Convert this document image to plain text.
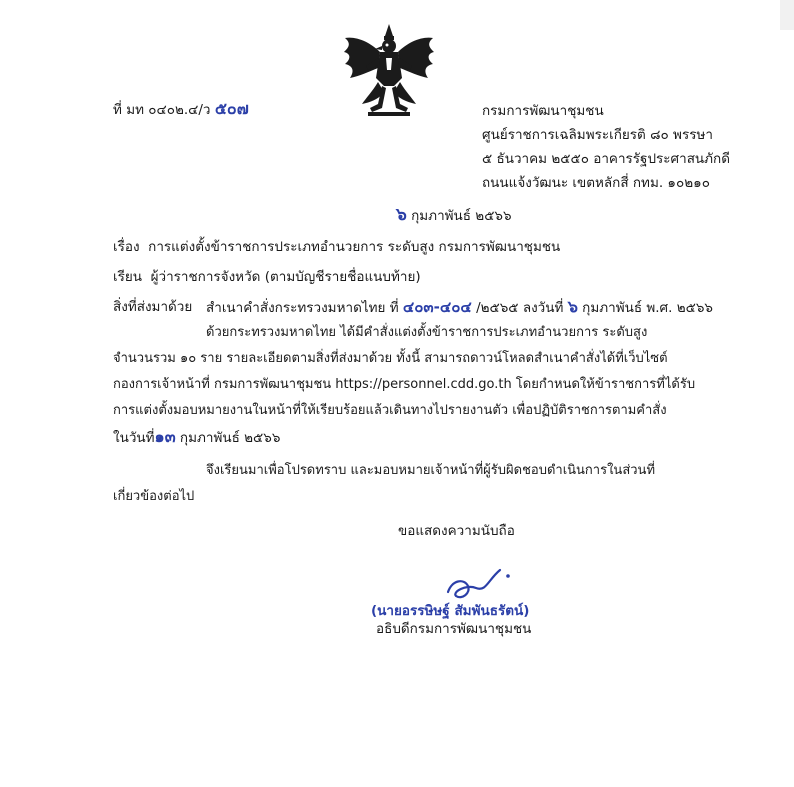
ที่ มท ๐๔๐๒.๔/ว ๕๐๗	กรมการพัฒนาชุมชน
ศูนย์ราชการเฉลิมพระเกียรติ ๘๐ พรรษา
๕ ธันวาคม ๒๕๕๐ อาคารรัฐประศาสนภักดี
ถนนแจ้งวัฒนะ เขตหลักสี่ กทม. ๑๐๒๑๐
๖ กุมภาพันธ์ ๒๕๖๖
เรื่อง การแต่งตั้งข้าราชการประเภทอำนวยการ ระดับสูง กรมการพัฒนาชุมชน
เรียน ผู้ว่าราชการจังหวัด (ตามบัญชีรายชื่อแนบท้าย)
สิ่งที่ส่งมาด้วย สำเนาคำสั่งกระทรวงมหาดไทย ที่ ๔๐๓-๔๐๔ /๒๕๖๕ ลงวันที่ ๖ กุมภาพันธ์ พ.ศ. ๒๕๖๖
ด้วยกระทรวงมหาดไทย ได้มีคำสั่งแต่งตั้งข้าราชการประเภทอำนวยการ ระดับสูง
จำนวนรวม ๑๐ ราย รายละเอียดตามสิ่งที่ส่งมาด้วย ทั้งนี้ สามารถดาวน์โหลดสำเนาคำสั่งได้ที่เว็บไซต์
กองการเจ้าหน้าที่ กรมการพัฒนาชุมชน https://personnel.cdd.go.th โดยกำหนดให้ข้าราชการที่ได้รับ
การแต่งตั้งมอบหมายงานในหน้าที่ให้เรียบร้อยแล้วเดินทางไปรายงานตัว เพื่อปฏิบัติราชการตามคำสั่ง
ในวันที่๑๓ กุมภาพันธ์ ๒๕๖๖
จึงเรียนมาเพื่อโปรดทราบ และมอบหมายเจ้าหน้าที่ผู้รับผิดชอบดำเนินการในส่วนที่
เกี่ยวข้องต่อไป
ขอแสดงความนับถือ
(นายอรรษิษฐ์ สัมพันธรัตน์)
อธิบดีกรมการพัฒนาชุมชน
